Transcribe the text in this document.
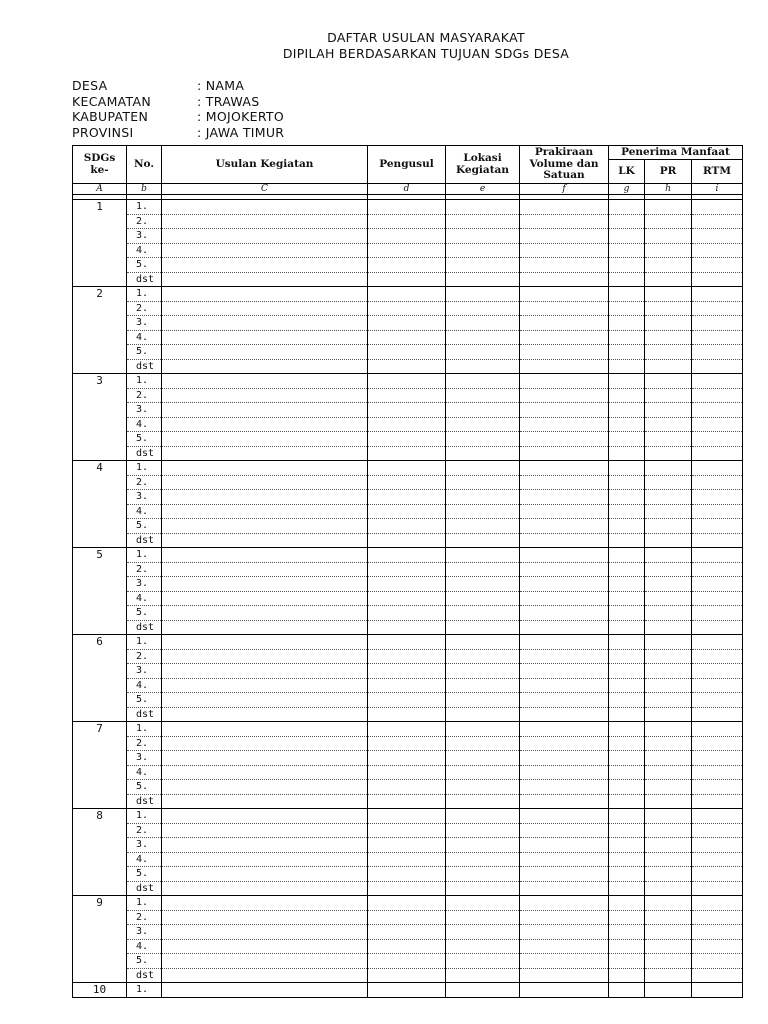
DAFTAR USULAN MASYARAKAT
DIPILAH BERDASARKAN TUJUAN SDGs DESA
DESA	: NAMA
KECAMATAN	: TRAWAS
KABUPATEN	: MOJOKERTO
PROVINSI	: JAWA TIMUR
SDGs ke-	No.	Usulan Kegiatan	Pengusul	Lokasi Kegiatan	Prakiraan Volume dan Satuan	Penerima Manfaat		
						LK	PR	RTM
A	b	C	d	e	f	g	h	i

1	1.							
	2.							
	3.							
	4.							
	5.							
	dst							
2	1.							
	2.							
	3.							
	4.							
	5.							
	dst							
3	1.							
	2.							
	3.							
	4.							
	5.							
	dst							
4	1.							
	2.							
	3.							
	4.							
	5.							
	dst							
5	1.							
	2.							
	3.							
	4.							
	5.							
	dst							
6	1.							
	2.							
	3.							
	4.							
	5.							
	dst							
7	1.							
	2.							
	3.							
	4.							
	5.							
	dst							
8	1.							
	2.							
	3.							
	4.							
	5.							
	dst							
9	1.							
	2.							
	3.							
	4.							
	5.							
	dst							
10	1.							
